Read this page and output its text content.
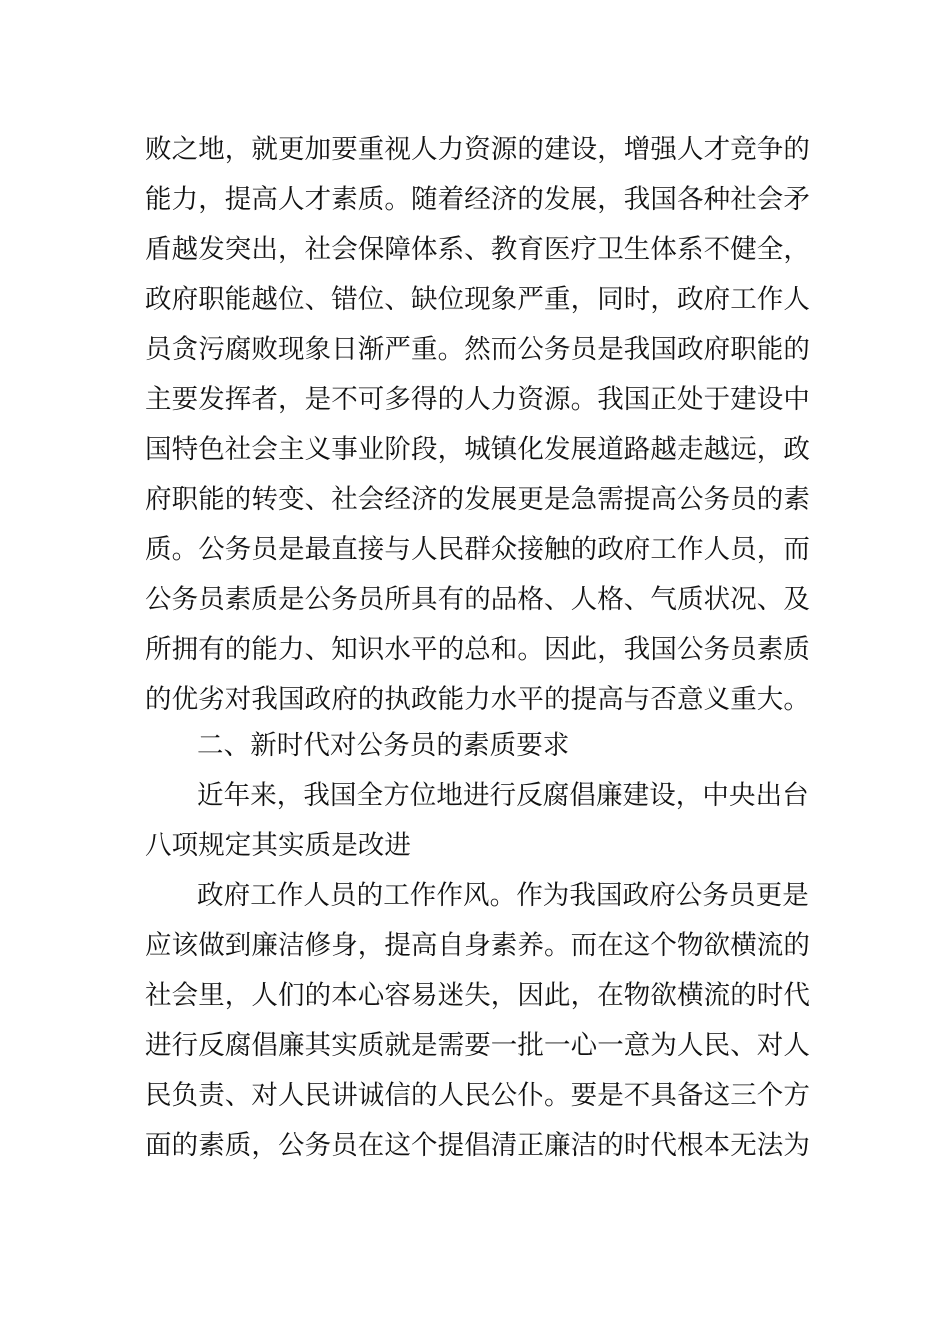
败之地，就更加要重视人力资源的建设，增强人才竞争的

能力，提高人才素质。随着经济的发展，我国各种社会矛

盾越发突出，社会保障体系、教育医疗卫生体系不健全，

政府职能越位、错位、缺位现象严重，同时，政府工作人

员贪污腐败现象日渐严重。然而公务员是我国政府职能的

主要发挥者，是不可多得的人力资源。我国正处于建设中

国特色社会主义事业阶段，城镇化发展道路越走越远，政

府职能的转变、社会经济的发展更是急需提高公务员的素

质。公务员是最直接与人民群众接触的政府工作人员，而

公务员素质是公务员所具有的品格、人格、气质状况、及

所拥有的能力、知识水平的总和。因此，我国公务员素质

的优劣对我国政府的执政能力水平的提高与否意义重大。

二、新时代对公务员的素质要求

近年来，我国全方位地进行反腐倡廉建设，中央出台

八项规定其实质是改进

政府工作人员的工作作风。作为我国政府公务员更是

应该做到廉洁修身，提高自身素养。而在这个物欲横流的

社会里，人们的本心容易迷失，因此，在物欲横流的时代

进行反腐倡廉其实质就是需要一批一心一意为人民、对人

民负责、对人民讲诚信的人民公仆。要是不具备这三个方

面的素质，公务员在这个提倡清正廉洁的时代根本无法为
